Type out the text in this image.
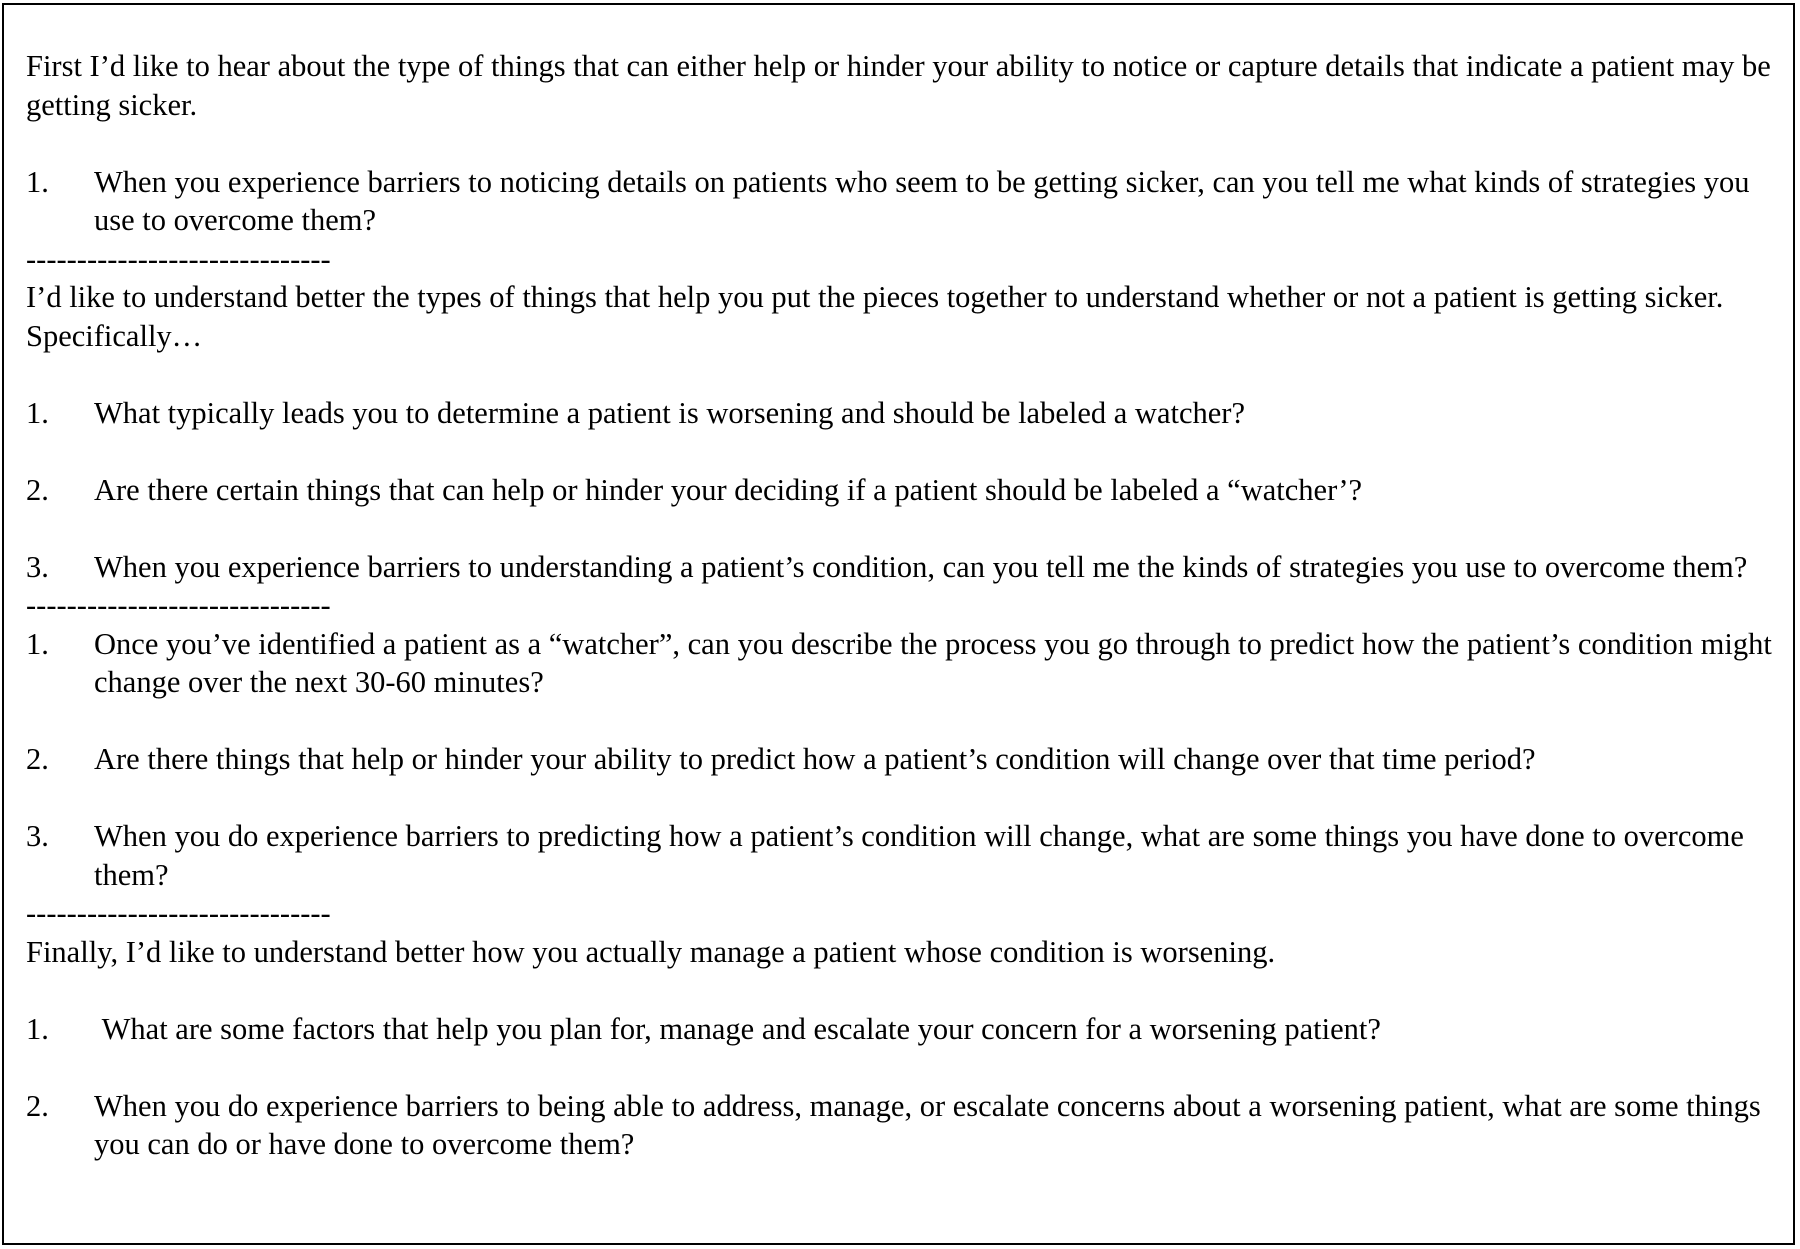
First I’d like to hear about the type of things that can either help or hinder your ability to notice or capture details that indicate a patient may be getting sicker.

1. When you experience barriers to noticing details on patients who seem to be getting sicker, can you tell me what kinds of strategies you use to overcome them?
------------------------------

I’d like to understand better the types of things that help you put the pieces together to understand whether or not a patient is getting sicker. Specifically…

1. What typically leads you to determine a patient is worsening and should be labeled a watcher?
2. Are there certain things that can help or hinder your deciding if a patient should be labeled a “watcher’?
3. When you experience barriers to understanding a patient’s condition, can you tell me the kinds of strategies you use to overcome them?
------------------------------
1. Once you’ve identified a patient as a “watcher”, can you describe the process you go through to predict how the patient’s condition might change over the next 30-60 minutes?
2. Are there things that help or hinder your ability to predict how a patient’s condition will change over that time period?
3. When you do experience barriers to predicting how a patient’s condition will change, what are some things you have done to overcome them?
------------------------------

Finally, I’d like to understand better how you actually manage a patient whose condition is worsening.

1. What are some factors that help you plan for, manage and escalate your concern for a worsening patient?
2. When you do experience barriers to being able to address, manage, or escalate concerns about a worsening patient, what are some things you can do or have done to overcome them?
